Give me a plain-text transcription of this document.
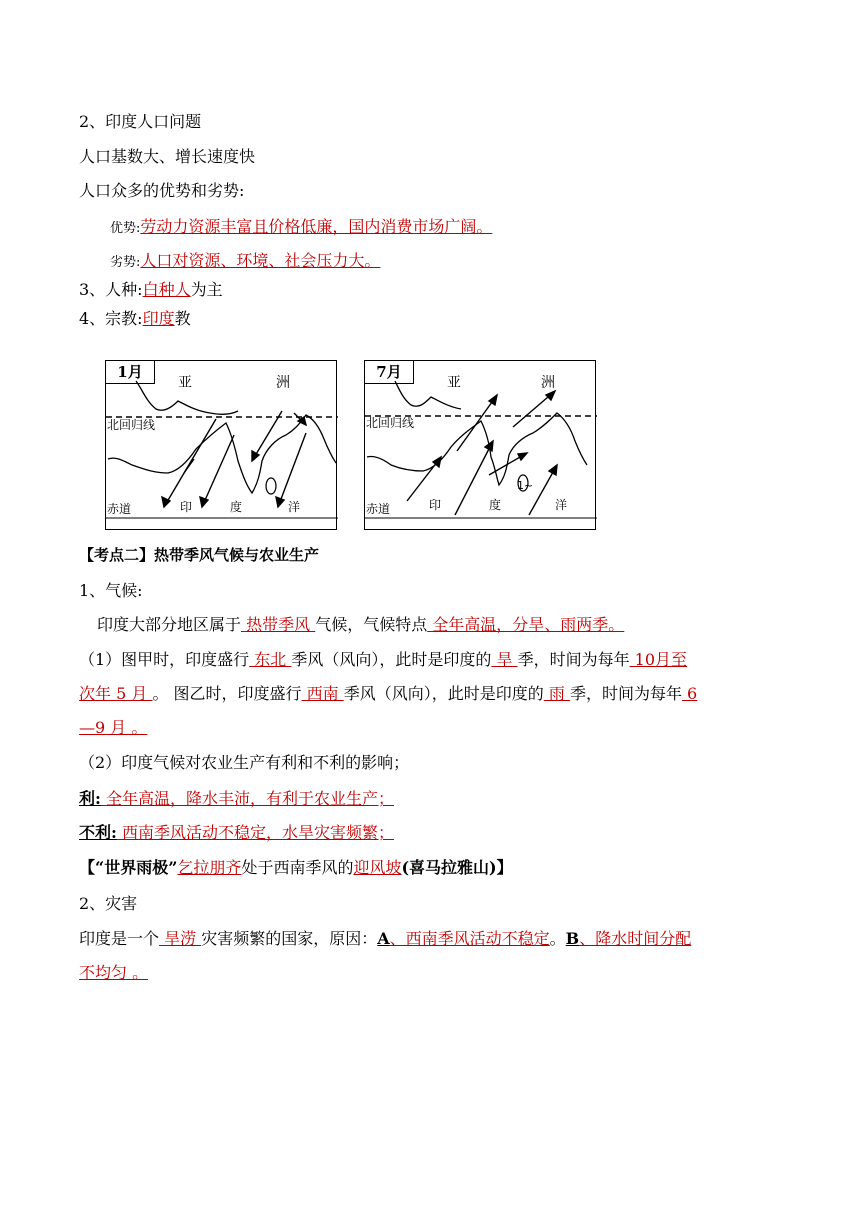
2、印度人口问题
人口基数大、增长速度快
人口众多的优势和劣势:
优势:劳动力资源丰富且价格低廉，国内消费市场广阔。
劣势:人口对资源、环境、社会压力大。
3、人种:白种人为主
4、宗教:印度教
1月
亚	洲
北回归线
赤道	印	度	洋
1~
7月
亚	洲
北回归线
赤道	印	度	洋
【考点二】热带季风气候与农业生产
1、气候:
印度大部分地区属于 热带季风 气候，气候特点 全年高温，分旱、雨两季。
（1）图甲时，印度盛行 东北 季风（风向），此时是印度的 旱 季，时间为每年 10月至
次年 5 月 。 图乙时，印度盛行 西南 季风（风向），此时是印度的 雨 季，时间为每年 6
—9 月 。
（2）印度气候对农业生产有利和不利的影响；
利: 全年高温，降水丰沛，有利于农业生产；
不利: 西南季风活动不稳定，水旱灾害频繁；
【“世界雨极”乞拉朋齐处于西南季风的迎风坡(喜马拉雅山)】
2、灾害
印度是一个 旱涝 灾害频繁的国家，原因：A、西南季风活动不稳定。B、降水时间分配
不均匀 。
